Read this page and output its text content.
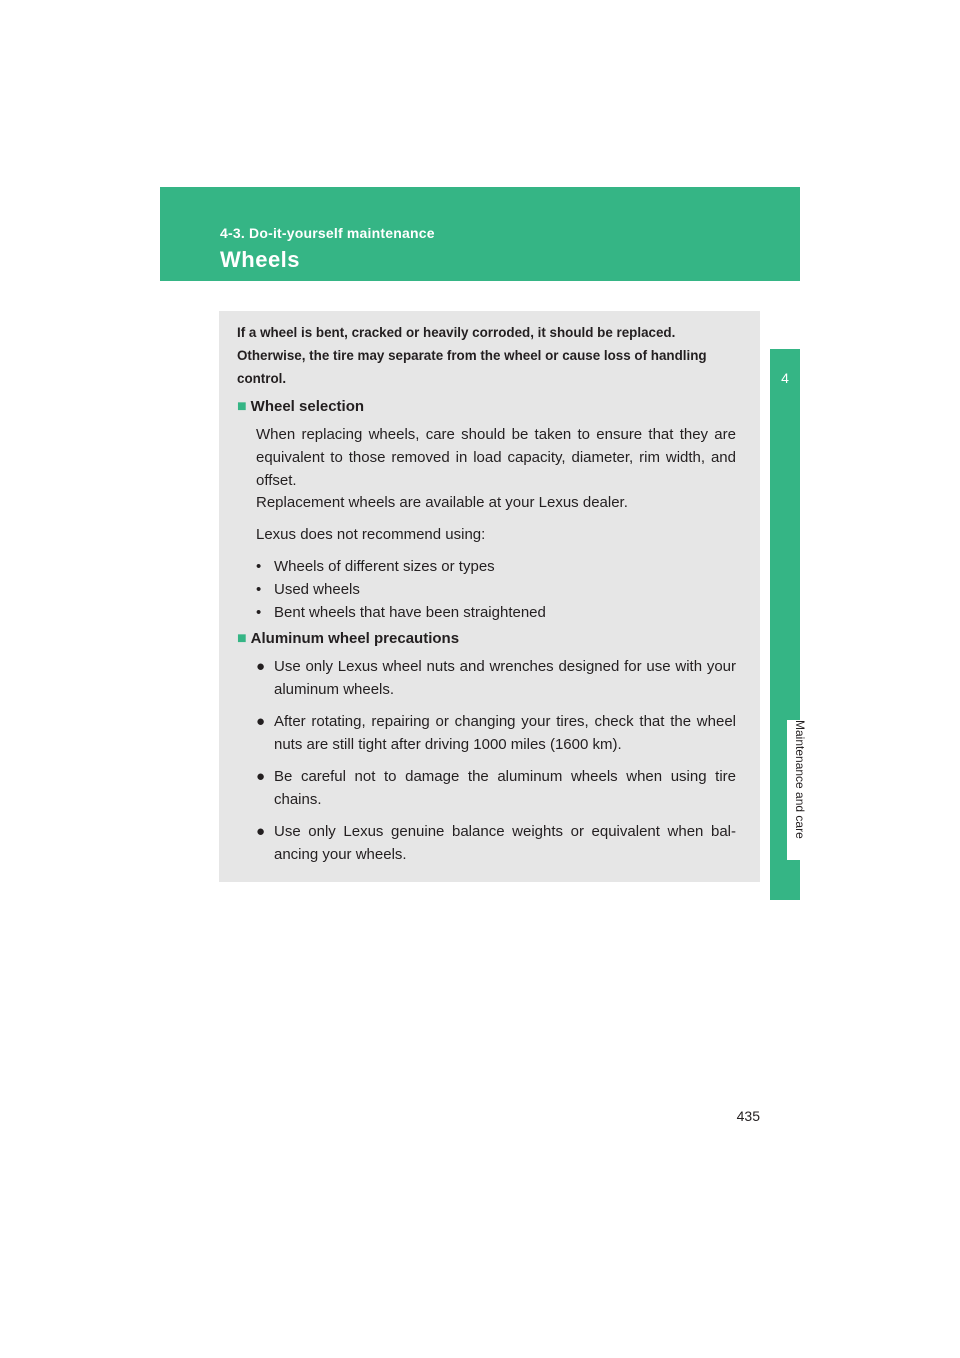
4-3. Do-it-yourself maintenance
Wheels
4
Maintenance and care
If a wheel is bent, cracked or heavily corroded, it should be replaced. Otherwise, the tire may separate from the wheel or cause loss of handling control.
■ Wheel selection
When replacing wheels, care should be taken to ensure that they are equivalent to those removed in load capacity, diameter, rim width, and offset.
Replacement wheels are available at your Lexus dealer.
Lexus does not recommend using:
• Wheels of different sizes or types
• Used wheels
• Bent wheels that have been straightened
■ Aluminum wheel precautions
● Use only Lexus wheel nuts and wrenches designed for use with your aluminum wheels.
● After rotating, repairing or changing your tires, check that the wheel nuts are still tight after driving 1000 miles (1600 km).
● Be careful not to damage the aluminum wheels when using tire chains.
● Use only Lexus genuine balance weights or equivalent when bal-ancing your wheels.
435
